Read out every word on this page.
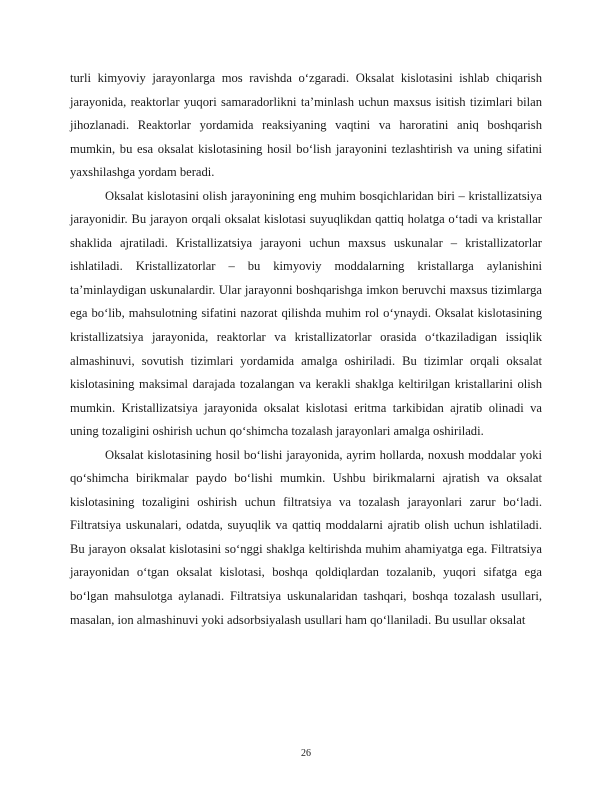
turli kimyoviy jarayonlarga mos ravishda o‘zgaradi. Oksalat kislotasini ishlab chiqarish jarayonida, reaktorlar yuqori samaradorlikni ta’minlash uchun maxsus isitish tizimlari bilan jihozlanadi. Reaktorlar yordamida reaksiyaning vaqtini va haroratini aniq boshqarish mumkin, bu esa oksalat kislotasining hosil bo‘lish jarayonini tezlashtirish va uning sifatini yaxshilashga yordam beradi.

Oksalat kislotasini olish jarayonining eng muhim bosqichlaridan biri – kristallizatsiya jarayonidir. Bu jarayon orqali oksalat kislotasi suyuqlikdan qattiq holatga o‘tadi va kristallar shaklida ajratiladi. Kristallizatsiya jarayoni uchun maxsus uskunalar – kristallizatorlar ishlatiladi. Kristallizatorlar – bu kimyoviy moddalarning kristallarga aylanishini ta’minlaydigan uskunalardir. Ular jarayonni boshqarishga imkon beruvchi maxsus tizimlarga ega bo‘lib, mahsulotning sifatini nazorat qilishda muhim rol o‘ynaydi. Oksalat kislotasining kristallizatsiya jarayonida, reaktorlar va kristallizatorlar orasida o‘tkaziladigan issiqlik almashinuvi, sovutish tizimlari yordamida amalga oshiriladi. Bu tizimlar orqali oksalat kislotasining maksimal darajada tozalangan va kerakli shaklga keltirilgan kristallarini olish mumkin. Kristallizatsiya jarayonida oksalat kislotasi eritma tarkibidan ajratib olinadi va uning tozaligini oshirish uchun qo‘shimcha tozalash jarayonlari amalga oshiriladi.

Oksalat kislotasining hosil bo‘lishi jarayonida, ayrim hollarda, noxush moddalar yoki qo‘shimcha birikmalar paydo bo‘lishi mumkin. Ushbu birikmalarni ajratish va oksalat kislotasining tozaligini oshirish uchun filtratsiya va tozalash jarayonlari zarur bo‘ladi. Filtratsiya uskunalari, odatda, suyuqlik va qattiq moddalarni ajratib olish uchun ishlatiladi. Bu jarayon oksalat kislotasini so‘nggi shaklga keltirishda muhim ahamiyatga ega. Filtratsiya jarayonidan o‘tgan oksalat kislotasi, boshqa qoldiqlardan tozalanib, yuqori sifatga ega bo‘lgan mahsulotga aylanadi. Filtratsiya uskunalaridan tashqari, boshqa tozalash usullari, masalan, ion almashinuvi yoki adsorbsiyalash usullari ham qo‘llaniladi. Bu usullar oksalat

26
